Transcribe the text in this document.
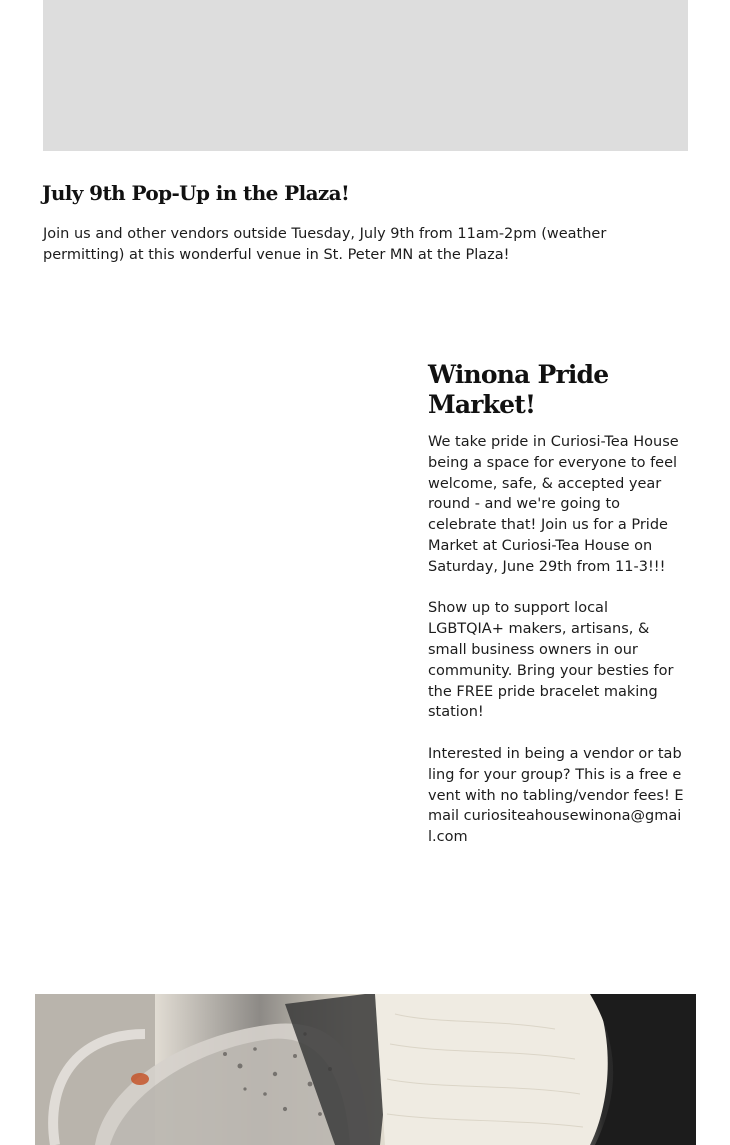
July 9th Pop-Up in the Plaza!

Join us and other vendors outside Tuesday, July 9th from 11am-2pm (weather permitting) at this wonderful venue in St. Peter MN at the Plaza!

Winona Pride Market!

We take pride in Curiosi-Tea House being a space for everyone to feel welcome, safe, & accepted year round - and we're going to celebrate that! Join us for a Pride Market at Curiosi-Tea House on Saturday, June 29th from 11-3!!!

Show up to support local LGBTQIA+ makers, artisans, & small business owners in our community. Bring your besties for the FREE pride bracelet making station!

Interested in being a vendor or tabling for your group? This is a free event with no tabling/vendor fees! Email curiositeahousewinona@gmail.com
